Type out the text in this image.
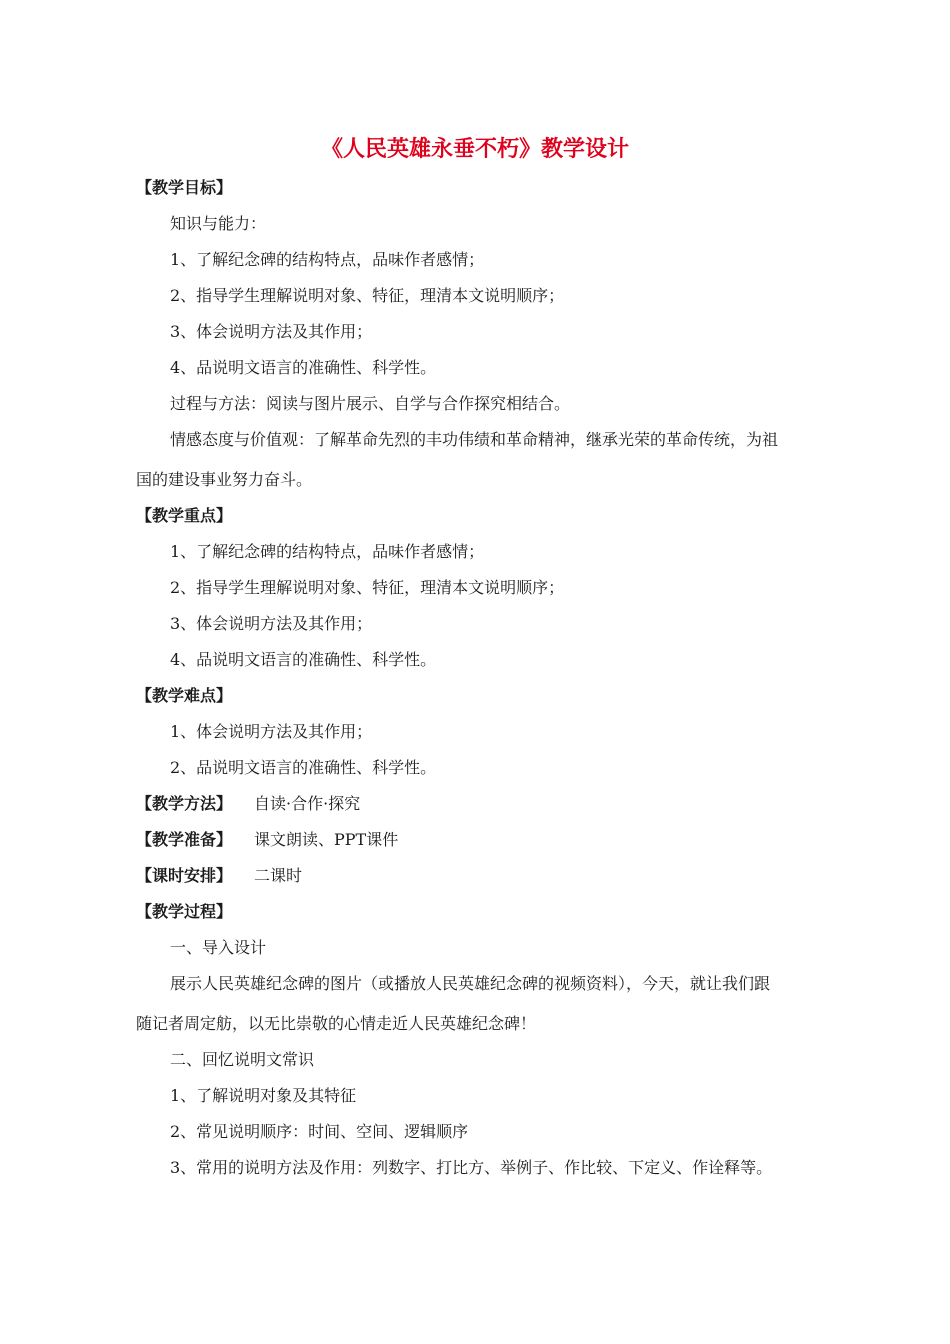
《人民英雄永垂不朽》教学设计
【教学目标】
知识与能力：
1、了解纪念碑的结构特点，品味作者感情；
2、指导学生理解说明对象、特征，理清本文说明顺序；
3、体会说明方法及其作用；
4、品说明文语言的准确性、科学性。
过程与方法：阅读与图片展示、自学与合作探究相结合。
情感态度与价值观：了解革命先烈的丰功伟绩和革命精神，继承光荣的革命传统，为祖
国的建设事业努力奋斗。
【教学重点】
1、了解纪念碑的结构特点，品味作者感情；
2、指导学生理解说明对象、特征，理清本文说明顺序；
3、体会说明方法及其作用；
4、品说明文语言的准确性、科学性。
【教学难点】
1、体会说明方法及其作用；
2、品说明文语言的准确性、科学性。
【教学方法】 自读·合作·探究
【教学准备】 课文朗读、PPT课件
【课时安排】 二课时
【教学过程】
一、导入设计
展示人民英雄纪念碑的图片（或播放人民英雄纪念碑的视频资料），今天，就让我们跟
随记者周定舫，以无比崇敬的心情走近人民英雄纪念碑！
二、回忆说明文常识
1、了解说明对象及其特征
2、常见说明顺序：时间、空间、逻辑顺序
3、常用的说明方法及作用：列数字、打比方、举例子、作比较、下定义、作诠释等。
